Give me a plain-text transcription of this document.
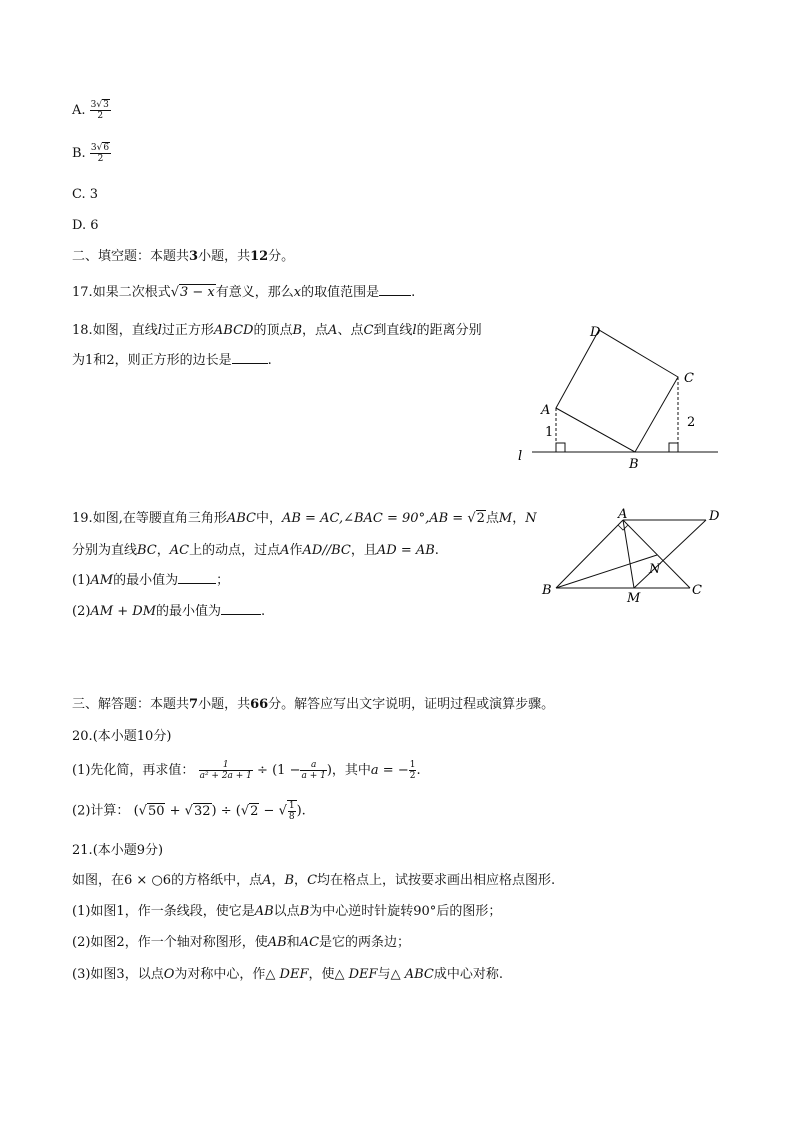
A. $\frac{3√3}{2}$
B. $\frac{3√6}{2}$
C. 3
D. 6
二、填空题：本题共3小题，共12分。
17.如果二次根式√3 − x有意义，那么x的取值范围是 .
18.如图，直线l过正方形ABCD的顶点B，点A、点C到直线l的距离分别
为1和2，则正方形的边长是	.
D
C
A
B
l
1
2
19.如图,在等腰直角三角形ABC中，AB = AC,∠BAC = 90°,AB = √2点M，N
分别为直线BC，AC上的动点，过点A作AD//BC，且AD = AB.
(1)AM的最小值为	；
(2)AM + DM的最小值为	.
A	D
N
B
M
C
三、解答题：本题共7小题，共66分。解答应写出文字说明，证明过程或演算步骤。
20.(本小题10分)
(1)先化简，再求值： $\frac{1}{\text{a² + 2a + 1}} \div (1 - \frac{a}{a + 1}$ )，其中a = − $\frac{1}{2}$ .
(2)计算： (√50 + √32) ÷ (√2 − √ $\frac{1}{8}$ ).
21.(本小题9分)
如图，在6 × ○6的方格纸中，点A，B，C均在格点上，试按要求画出相应格点图形.
(1)如图1，作一条线段，使它是AB以点B为中心逆时针旋转90°后的图形；
(2)如图2，作一个轴对称图形，使AB和AC是它的两条边；
(3)如图3，以点O为对称中心，作△ DEF，使△ DEF与△ ABC成中心对称.
